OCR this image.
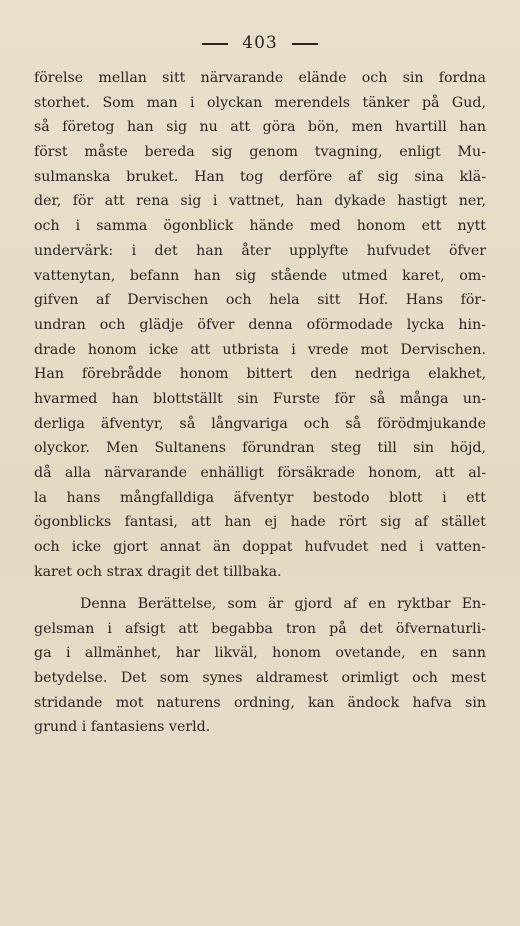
403
förelse mellan sitt närvarande elände och sin fordna
storhet. Som man i olyckan merendels tänker på Gud,
så företog han sig nu att göra bön, men hvartill han
först måste bereda sig genom tvagning, enligt Mu-
sulmanska bruket. Han tog derföre af sig sina klä-
der, för att rena sig i vattnet, han dykade hastigt ner,
och i samma ögonblick hände med honom ett nytt
undervärk: i det han åter upplyfte hufvudet öfver
vattenytan, befann han sig stående utmed karet, om-
gifven af Dervischen och hela sitt Hof. Hans för-
undran och glädje öfver denna oförmodade lycka hin-
drade honom icke att utbrista i vrede mot Dervischen.
Han förebrådde honom bittert den nedriga elakhet,
hvarmed han blottställt sin Furste för så många un-
derliga äfventyr, så långvariga och så förödmjukande
olyckor. Men Sultanens förundran steg till sin höjd,
då alla närvarande enhälligt försäkrade honom, att al-
la hans mångfalldiga äfventyr bestodo blott i ett
ögonblicks fantasi, att han ej hade rört sig af stället
och icke gjort annat än doppat hufvudet ned i vatten-
karet och strax dragit det tillbaka.
Denna Berättelse, som är gjord af en ryktbar En-
gelsman i afsigt att begabba tron på det öfvernaturli-
ga i allmänhet, har likväl, honom ovetande, en sann
betydelse. Det som synes aldramest orimligt och mest
stridande mot naturens ordning, kan ändock hafva sin
grund i fantasiens verld.
